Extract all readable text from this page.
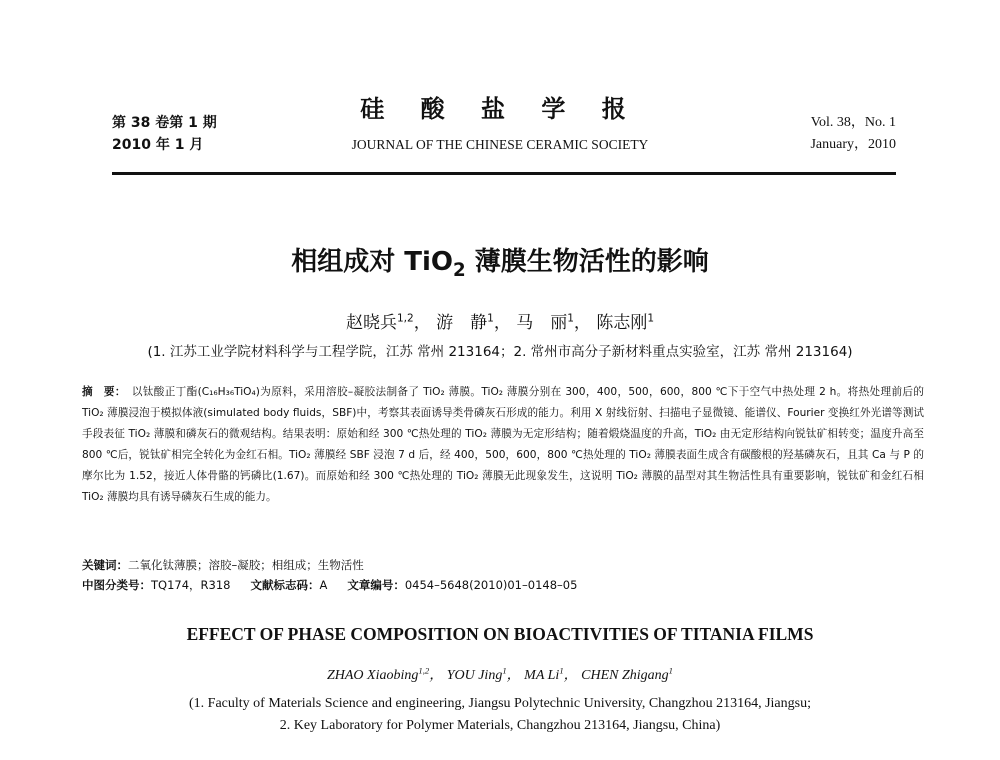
第 38 卷第 1 期
2010 年 1 月
硅 酸 盐 学 报
JOURNAL OF THE CHINESE CERAMIC SOCIETY
Vol. 38，No. 1
January，2010
相组成对 TiO$_2$ 薄膜生物活性的影响
赵晓兵$^{1,2}$， 游　静$^1$， 马　丽$^1$， 陈志刚$^1$
(1. 江苏工业学院材料科学与工程学院，江苏 常州 213164；2. 常州市高分子新材料重点实验室，江苏 常州 213164)
摘　要： 以钛酸正丁酯(C₁₆H₃₆TiO₄)为原料，采用溶胶–凝胶法制备了 TiO₂ 薄膜。TiO₂ 薄膜分别在 300，400，500，600，800 ℃下于空气中热处理 2 h。将热处理前后的 TiO₂ 薄膜浸泡于模拟体液(simulated body fluids，SBF)中，考察其表面诱导类骨磷灰石形成的能力。利用 X 射线衍射、扫描电子显微镜、能谱仪、Fourier 变换红外光谱等测试手段表征 TiO₂ 薄膜和磷灰石的微观结构。结果表明：原始和经 300 ℃热处理的 TiO₂ 薄膜为无定形结构；随着煅烧温度的升高，TiO₂ 由无定形结构向锐钛矿相转变；温度升高至 800 ℃后，锐钛矿相完全转化为金红石相。TiO₂ 薄膜经 SBF 浸泡 7 d 后，经 400，500，600，800 ℃热处理的 TiO₂ 薄膜表面生成含有碳酸根的羟基磷灰石，且其 Ca 与 P 的摩尔比为 1.52，接近人体骨骼的钙磷比(1.67)。而原始和经 300 ℃热处理的 TiO₂ 薄膜无此现象发生，这说明 TiO₂ 薄膜的晶型对其生物活性具有重要影响，锐钛矿和金红石相 TiO₂ 薄膜均具有诱导磷灰石生成的能力。
关键词：二氧化钛薄膜；溶胶–凝胶；相组成；生物活性
中图分类号：TQ174，R318 文献标志码：A 文章编号：0454–5648(2010)01–0148–05
EFFECT OF PHASE COMPOSITION ON BIOACTIVITIES OF TITANIA FILMS
ZHAO Xiaobing$^{1,2}$， YOU Jing$^1$， MA Li$^1$， CHEN Zhigang$^1$
(1. Faculty of Materials Science and engineering, Jiangsu Polytechnic University, Changzhou 213164, Jiangsu;
2. Key Laboratory for Polymer Materials, Changzhou 213164, Jiangsu, China)
